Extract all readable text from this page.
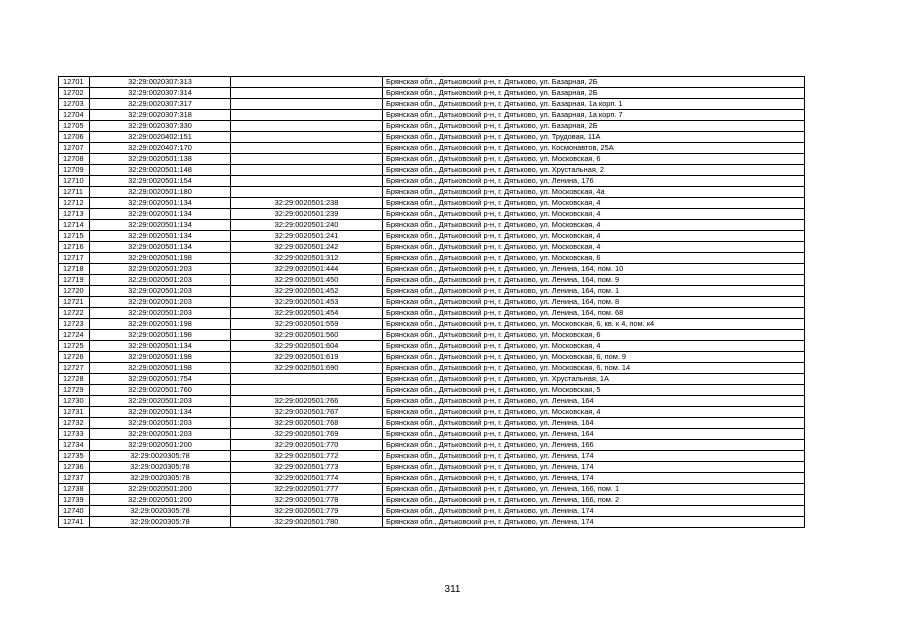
12701	32:29:0020307:313		Брянская обл., Дятьковский р-н, г. Дятьково, ул. Базарная, 2Б
12702	32:29:0020307:314		Брянская обл., Дятьковский р-н, г. Дятьково, ул. Базарная, 2Б
12703	32:29:0020307:317		Брянская обл., Дятьковский р-н, г. Дятьково, ул. Базарная, 1а корп. 1
12704	32:29:0020307:318		Брянская обл., Дятьковский р-н, г. Дятьково, ул. Базарная, 1а корп. 7
12705	32:29:0020307:330		Брянская обл., Дятьковский р-н, г. Дятьково, ул. Базарная, 2Б
12706	32:29:0020402:151		Брянская обл., Дятьковский р-н, г. Дятьково, ул. Трудовая, 11А
12707	32:29:0020407:170		Брянская обл., Дятьковский р-н, г. Дятьково, ул. Космонавтов, 25А
12708	32:29:0020501:138		Брянская обл., Дятьковский р-н, г. Дятьково, ул. Московская, 6
12709	32:29:0020501:148		Брянская обл., Дятьковский р-н, г. Дятьково, ул. Хрустальная, 2
12710	32:29:0020501:154		Брянская обл., Дятьковский р-н, г. Дятьково, ул. Ленина, 176
12711	32:29:0020501:180		Брянская обл., Дятьковский р-н, г. Дятьково, ул. Московская, 4а
12712	32:29:0020501:134	32:29:0020501:238	Брянская обл., Дятьковский р-н, г. Дятьково, ул. Московская, 4
12713	32:29:0020501:134	32:29:0020501:239	Брянская обл., Дятьковский р-н, г. Дятьково, ул. Московская, 4
12714	32:29:0020501:134	32:29:0020501:240	Брянская обл., Дятьковский р-н, г. Дятьково, ул. Московская, 4
12715	32:29:0020501:134	32:29:0020501:241	Брянская обл., Дятьковский р-н, г. Дятьково, ул. Московская, 4
12716	32:29:0020501:134	32:29:0020501:242	Брянская обл., Дятьковский р-н, г. Дятьково, ул. Московская, 4
12717	32:29:0020501:198	32:29:0020501:312	Брянская обл., Дятьковский р-н, г. Дятьково, ул. Московская, 6
12718	32:29:0020501:203	32:29:0020501:444	Брянская обл., Дятьковский р-н, г. Дятьково, ул. Ленина, 164, пом. 10
12719	32:29:0020501:203	32:29:0020501:450	Брянская обл., Дятьковский р-н, г. Дятьково, ул. Ленина, 164, пом. 9
12720	32:29:0020501:203	32:29:0020501:452	Брянская обл., Дятьковский р-н, г. Дятьково, ул. Ленина, 164, пом. 1
12721	32:29:0020501:203	32:29:0020501:453	Брянская обл., Дятьковский р-н, г. Дятьково, ул. Ленина, 164, пом. 8
12722	32:29:0020501:203	32:29:0020501:454	Брянская обл., Дятьковский р-н, г. Дятьково, ул. Ленина, 164, пом. 68
12723	32:29:0020501:198	32:29:0020501:559	Брянская обл., Дятьковский р-н, г. Дятьково, ул. Московская, 6, кв. к 4, пом. к4
12724	32:29:0020501:198	32:29:0020501:560	Брянская обл., Дятьковский р-н, г. Дятьково, ул. Московская, 6
12725	32:29:0020501:134	32:29:0020501:604	Брянская обл., Дятьковский р-н, г. Дятьково, ул. Московская, 4
12726	32:29:0020501:198	32:29:0020501:619	Брянская обл., Дятьковский р-н, г. Дятьково, ул. Московская, 6, пом. 9
12727	32:29:0020501:198	32:29:0020501:690	Брянская обл., Дятьковский р-н, г. Дятьково, ул. Московская, 6, пом. 14
12728	32:29:0020501:754		Брянская обл., Дятьковский р-н, г. Дятьково, ул. Хрустальная, 1А
12729	32:29:0020501:760		Брянская обл., Дятьковский р-н, г. Дятьково, ул. Московская, 5
12730	32:29:0020501:203	32:29:0020501:766	Брянская обл., Дятьковский р-н, г. Дятьково, ул. Ленина, 164
12731	32:29:0020501:134	32:29:0020501:767	Брянская обл., Дятьковский р-н, г. Дятьково, ул. Московская, 4
12732	32:29:0020501:203	32:29:0020501:768	Брянская обл., Дятьковский р-н, г. Дятьково, ул. Ленина, 164
12733	32:29:0020501:203	32:29:0020501:769	Брянская обл., Дятьковский р-н, г. Дятьково, ул. Ленина, 164
12734	32:29:0020501:200	32:29:0020501:770	Брянская обл., Дятьковский р-н, г. Дятьково, ул. Ленина, 166
12735	32:29:0020305:78	32:29:0020501:772	Брянская обл., Дятьковский р-н, г. Дятьково, ул. Ленина, 174
12736	32:29:0020305:78	32:29:0020501:773	Брянская обл., Дятьковский р-н, г. Дятьково, ул. Ленина, 174
12737	32:29:0020305:78	32:29:0020501:774	Брянская обл., Дятьковский р-н, г. Дятьково, ул. Ленина, 174
12738	32:29:0020501:200	32:29:0020501:777	Брянская обл., Дятьковский р-н, г. Дятьково, ул. Ленина, 166, пом. 1
12739	32:29:0020501:200	32:29:0020501:778	Брянская обл., Дятьковский р-н, г. Дятьково, ул. Ленина, 166, пом. 2
12740	32:29:0020305:78	32:29:0020501:779	Брянская обл., Дятьковский р-н, г. Дятьково, ул. Ленина, 174
12741	32:29:0020305:78	32:29:0020501:780	Брянская обл., Дятьковский р-н, г. Дятьково, ул. Ленина, 174
311
